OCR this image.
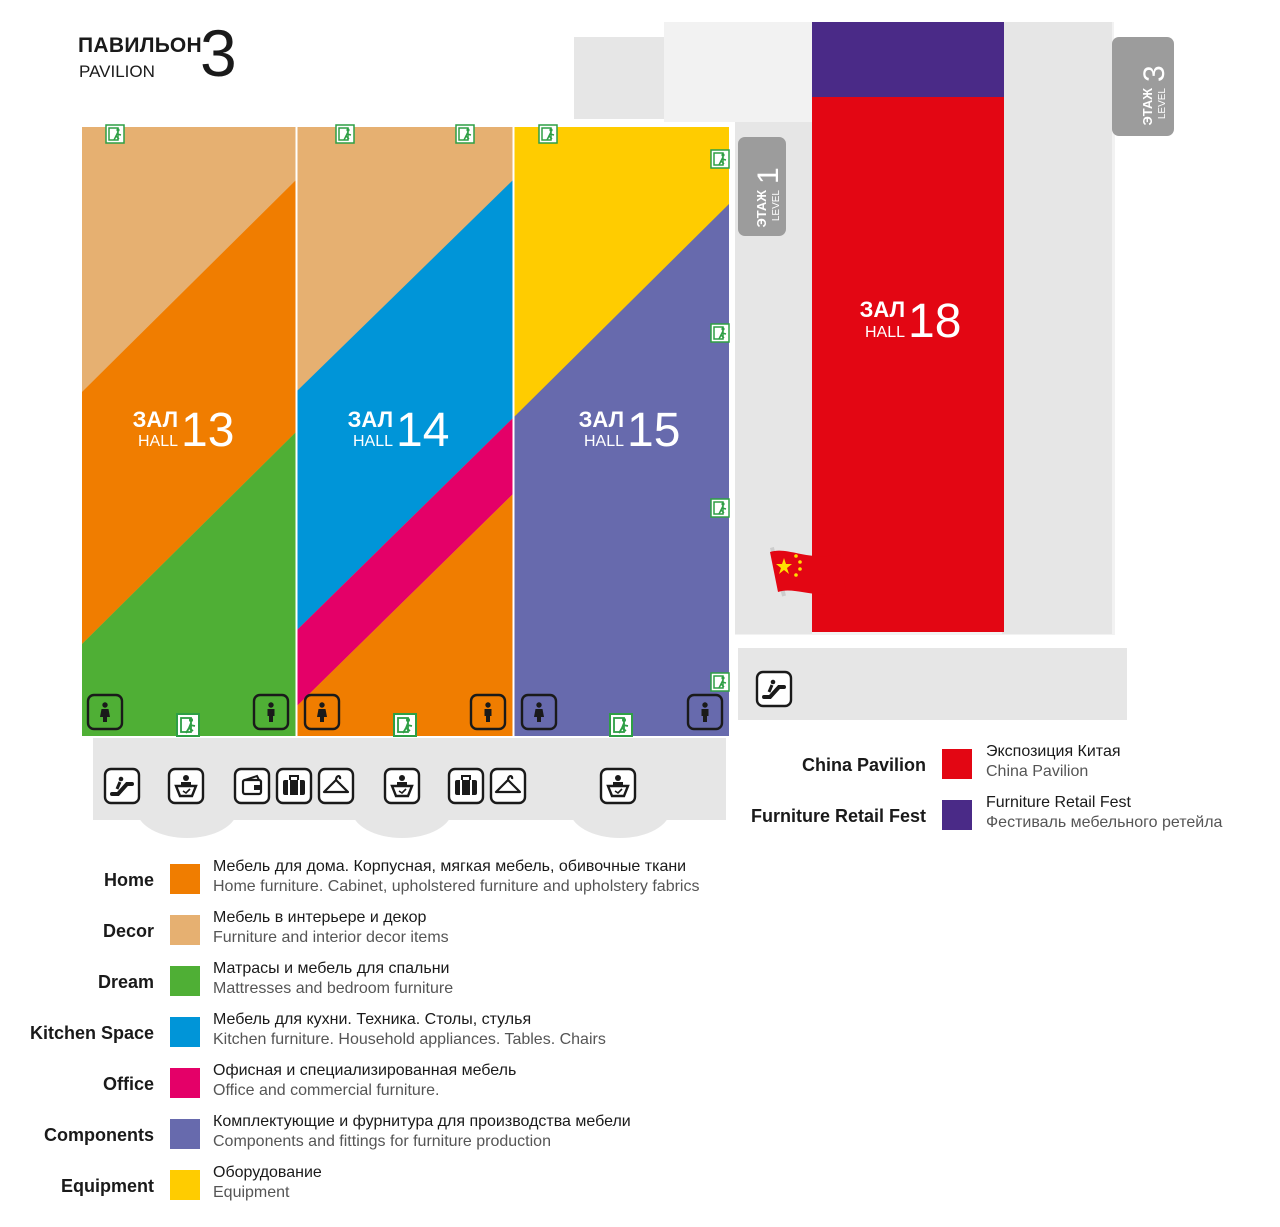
ПАВИЛЬОН
PAVILION 3
ЭТАЖ LEVEL
1
ЭТАЖ LEVEL
3
ЗАЛ
HALL 18
ЗАЛ
HALL 13	ЗАЛ
HALL 14	ЗАЛ
HALL 15
China Pavilion
Экспозиция Китая
China Pavilion
Furniture Retail Fest
Furniture Retail Fest
Фестиваль мебельного ретейла
Home
Мебель для дома. Корпусная, мягкая мебель, обивочные ткани
Home furniture. Cabinet, upholstered furniture and upholstery fabrics
Decor
Мебель в интерьере и декор
Furniture and interior decor items
Dream
Матрасы и мебель для спальни
Mattresses and bedroom furniture
Kitchen Space
Мебель для кухни. Техника. Столы, стулья
Kitchen furniture. Household appliances. Tables. Chairs
Office
Офисная и специализированная мебель
Office and commercial furniture.
Components
Комплектующие и фурнитура для производства мебели
Components and fittings for furniture production
Equipment
Оборудование
Equipment
